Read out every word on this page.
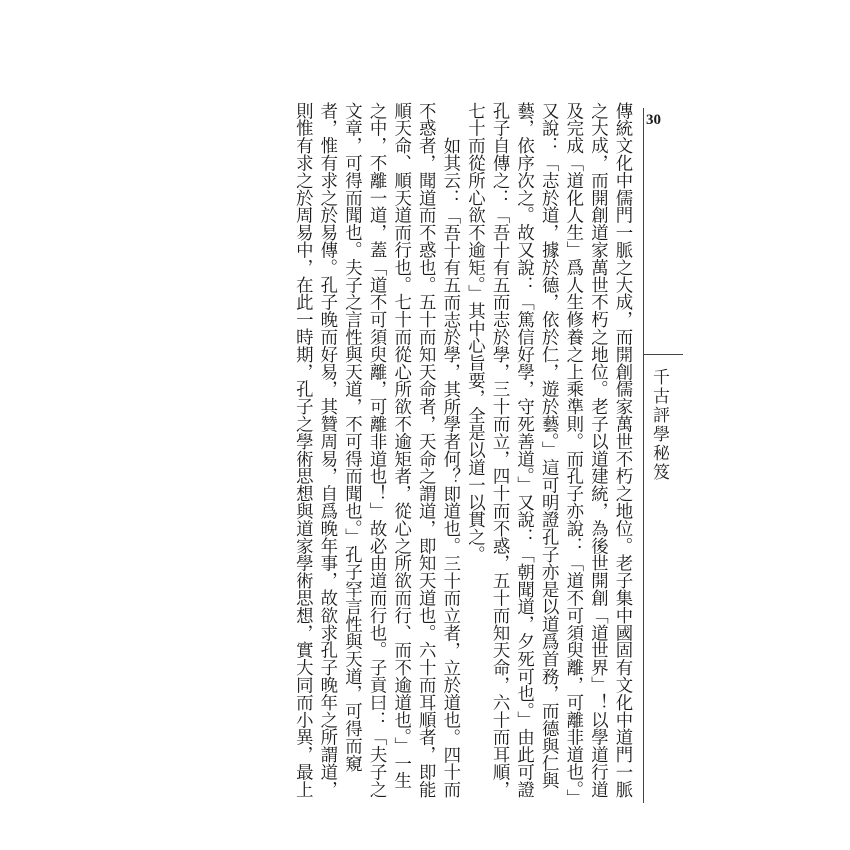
30
千古評學秘笈

傳統文化中儒門一脈之大成，而開創儒家萬世不朽之地位。老子集中國固有文化中道門一脈之大成，而開創道家萬世不朽之地位。老子以道建統，為後世開創「道世界」！以學道行道及完成「道化人生」爲人生修養之上乘準則。而孔子亦說：「道不可須臾離，可離非道也。」又說：「志於道，據於德，依於仁，遊於藝。」這可明證孔子亦是以道爲首務，而德與仁與藝，依序次之。故又說：「篤信好學，守死善道。」又說：「朝聞道，夕死可也。」由此可證孔子自傳之：「吾十有五而志於學，三十而立，四十而不惑，五十而知天命，六十而耳順，七十而從所心欲不逾矩。」其中心旨要，全是以道一以貫之。

如其云：「吾十有五而志於學，其所學者何？即道也。三十而立者，立於道也。四十而不惑者，聞道而不惑也。五十而知天命者，天命之謂道，即知天道也。六十而耳順者，即能順天命、順天道而行也。七十而從心所欲不逾矩者，從心之所欲而行、而不逾道也。」一生之中，不離一道，蓋「道不可須臾離，可離非道也！」故必由道而行也。子貢曰：「夫子之文章，可得而聞也。夫子之言性與天道，不可得而聞也。」孔子罕言性與天道，可得而窺者，惟有求之於易傳。孔子晚而好易，其贊周易，自爲晚年事，故欲求孔子晚年之所謂道，則惟有求之於周易中，在此一時期，孔子之學術思想與道家學術思想，實大同而小異，最上
